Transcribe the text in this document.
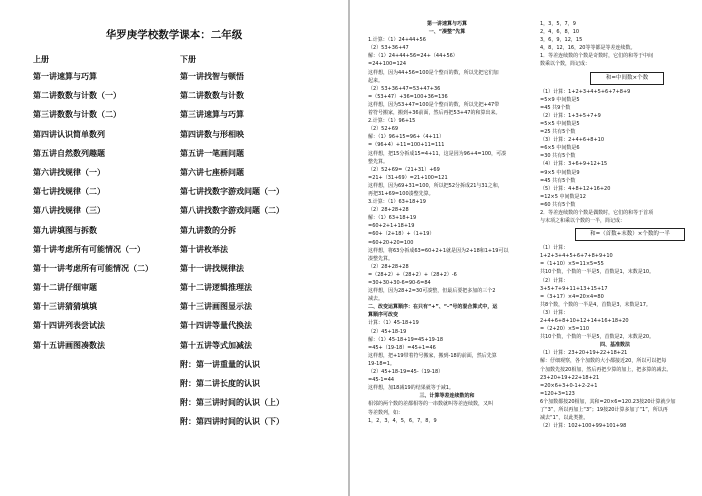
华罗庚学校数学课本：二年级
上册	下册
第一讲速算与巧算
第二讲数数与计数（一）
第三讲数数与计数（二）
第四讲认识简单数列
第五讲自然数列趣题
第六讲找规律（一）
第七讲找规律（二）
第八讲找规律（三）
第九讲填图与拆数
第十讲考虑所有可能情况（一）
第十一讲考虑所有可能情况（二）
第十二讲仔细审题
第十三讲猜猜填填
第十四讲列表尝试法
第十五讲画图凑数法
第一讲找智与顿悟
第二讲数数与计数
第三讲速算与巧算
第四讲数与形相映
第五讲一笔画问题
第六讲七座桥问题
第七讲找数字游戏问题（一）
第八讲找数字游戏问题（二）
第九讲数的分拆
第十讲枚举法
第十一讲找规律法
第十二讲逻辑推理法
第十三讲画图显示法
第十四讲等量代换法
第十五讲等式加减法
附：第一讲重量的认识
附：第二讲长度的认识
附：第三讲时间的认识（上）
附：第四讲时间的认识（下）
第一讲速算与巧算
一、“凑整”先算
1.计算：（1）24+44+56
（2）53+36+47
解：（1）24+44+56=24+（44+56）
=24+100=124
这样想，因为44+56=100是个整百的数，所以先把它们加
起来。
（2）53+36+47=53+47+36
=（53+47）+36=100+36=136
这样想，因为53+47=100是个整百的数，所以先把+47带
着符号搬家，搬到+36前面，然后再把53+47的和算出来。
2.计算：（1）96+15
（2）52+69
解：（1）96+15=96+（4+11）
=（96+4）+11=100+11=111
这样想，把15分拆成15=4+11，这是因为96+4=100，可凑
整先算。
（2）52+69=（21+31）+69
=21+（31+69）=21+100=121
这样想，因为69+31=100，所以把52分拆成21与31之和，
再把31+69=100凑整先算。
3.计算：（1）63+18+19
（2）28+28+28
解：（1）63+18+19
=60+2+1+18+19
=60+（2+18）+（1+19）
=60+20+20=100
这样想，将63分拆成63=60+2+1就是因为2+18和1+19可以
凑整先算。
（2）28+28+28
=（28+2）+（28+2）+（28+2）-6
=30+30+30-6=90-6=84
这样想，因为28+2=30可凑整，但最后要把多加的三个2
减去。
二、改变运算顺序：在只有“+”、“-”号的混合算式中，运
算顺序可改变
计算：（1）45-18+19
（2）45+18-19
解：（1）45-18+19=45+19-18
=45+（19-18）=45+1=46
这样想，把+19带着符号搬家，搬到-18的前面，然后先算
19-18=1。
（2）45+18-19=45-（19-18）
=45-1=44
这样想，加18减19的结果就等于减1。
三、计算等差连续数的和
相邻的两个数的差都相等的一串数就叫等差连续数，又叫
等差数列，如：
1，2，3，4，5，6，7，8，9
1，3，5，7，9
2，4，6，8，10
3，6，9，12，15
4，8，12，16，20等等都是等差连续数。
1．等差连续数的个数是奇数时，它们的和等于中间
数乘以个数，简记成：
和=中间数×个数
（1）计算：1+2+3+4+5+6+7+8+9
=5×9 中间数是5
=45 共9个数
（2）计算：1+3+5+7+9
=5×5 中间数是5
=25 共有5个数
（3）计算：2+4+6+8+10
=6×5 中间数是6
=30 共有5个数
（4）计算：3+6+9+12+15
=9×5 中间数是9
=45 共有5个数
（5）计算：4+8+12+16+20
=12×5 中间数是12
=60 共有5个数
2．等差连续数的个数是偶数时，它们的和等于首项
与末项之和乘以个数的一半，简记成：
和=（首数+末数）×个数的一半
（1）计算：
1+2+3+4+5+6+7+8+9+10
=（1+10）×5=11×5=55
共10个数，个数的一半是5，首数是1，末数是10。
（2）计算：
3+5+7+9+11+13+15+17
=（3+17）×4=20×4=80
共8个数，个数的一半是4，首数是3，末数是17。
（3）计算：
2+4+6+8+10+12+14+16+18+20
=（2+20）×5=110
共10个数，个数的一半是5，首数是2，末数是20。
四、基准数法
（1）计算：23+20+19+22+18+21
解：仔细观察，各个加数的大小都接近20，所以可以把每
个加数先按20相加，然后再把少算的加上，把多算的减去。
23+20+19+22+18+21
=20×6+3+0-1+2-2+1
=120+3=123
6个加数都按20相加，其和=20×6=120.23按20计算就少加
了“3”，所以再加上“3”；19按20计算多加了“1”，所以再
减去“1”，以此类推。
（2）计算：102+100+99+101+98
